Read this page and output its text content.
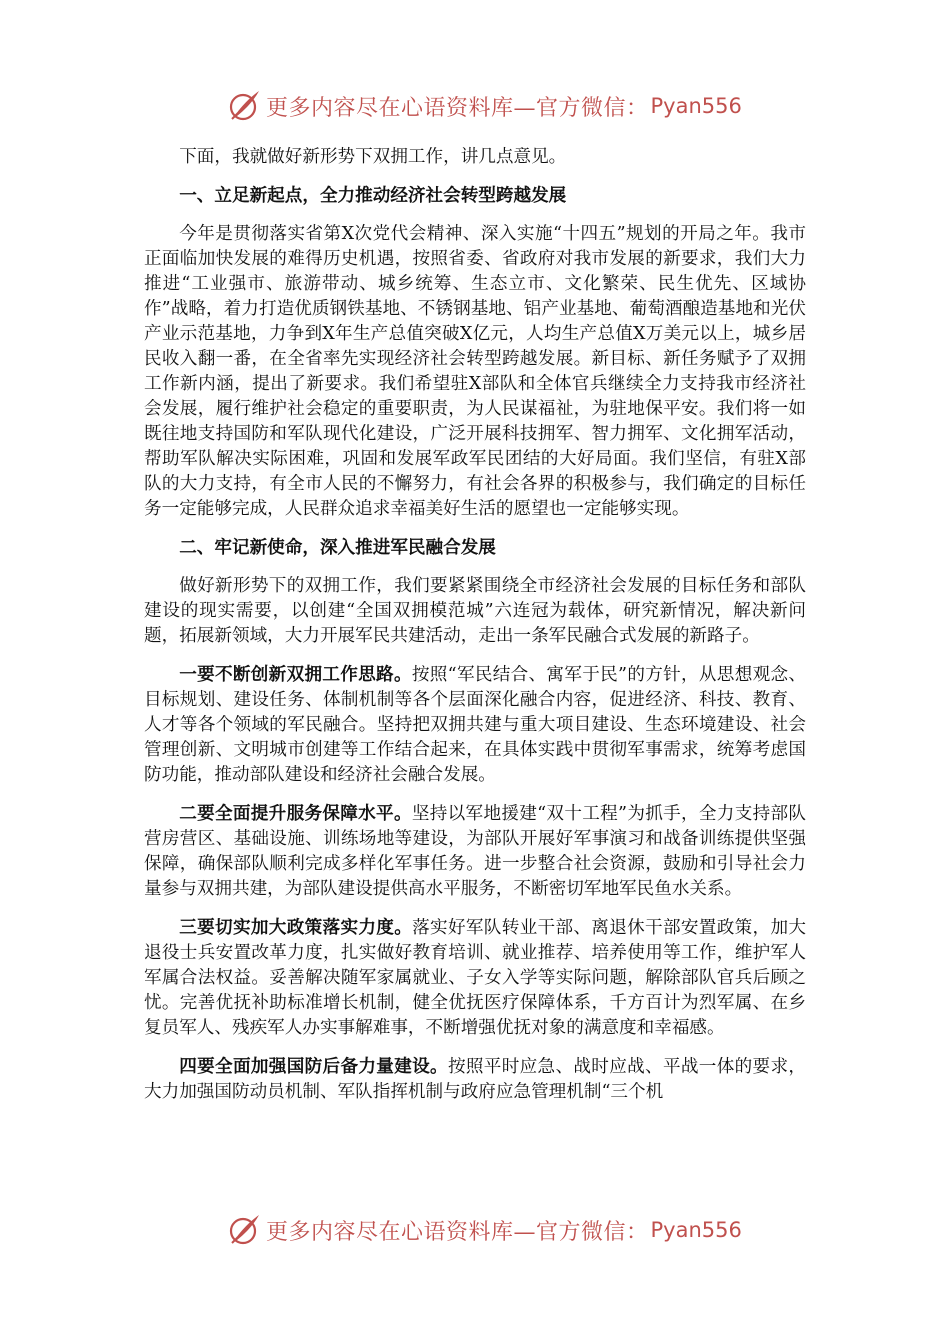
更多内容尽在心语资料库—官方微信： Pyan556

下面，我就做好新形势下双拥工作，讲几点意见。

一、立足新起点，全力推动经济社会转型跨越发展

今年是贯彻落实省第X次党代会精神、深入实施“十四五”规划的开局之年。我市正面临加快发展的难得历史机遇，按照省委、省政府对我市发展的新要求，我们大力推进“工业强市、旅游带动、城乡统筹、生态立市、文化繁荣、民生优先、区域协作”战略，着力打造优质钢铁基地、不锈钢基地、铝产业基地、葡萄酒酿造基地和光伏产业示范基地，力争到X年生产总值突破X亿元，人均生产总值X万美元以上，城乡居民收入翻一番，在全省率先实现经济社会转型跨越发展。新目标、新任务赋予了双拥工作新内涵，提出了新要求。我们希望驻X部队和全体官兵继续全力支持我市经济社会发展，履行维护社会稳定的重要职责，为人民谋福祉，为驻地保平安。我们将一如既往地支持国防和军队现代化建设，广泛开展科技拥军、智力拥军、文化拥军活动，帮助军队解决实际困难，巩固和发展军政军民团结的大好局面。我们坚信，有驻X部队的大力支持，有全市人民的不懈努力，有社会各界的积极参与，我们确定的目标任务一定能够完成，人民群众追求幸福美好生活的愿望也一定能够实现。

二、牢记新使命，深入推进军民融合发展

做好新形势下的双拥工作，我们要紧紧围绕全市经济社会发展的目标任务和部队建设的现实需要，以创建“全国双拥模范城”六连冠为载体，研究新情况，解决新问题，拓展新领域，大力开展军民共建活动，走出一条军民融合式发展的新路子。

一要不断创新双拥工作思路。按照“军民结合、寓军于民”的方针，从思想观念、目标规划、建设任务、体制机制等各个层面深化融合内容，促进经济、科技、教育、人才等各个领域的军民融合。坚持把双拥共建与重大项目建设、生态环境建设、社会管理创新、文明城市创建等工作结合起来，在具体实践中贯彻军事需求，统筹考虑国防功能，推动部队建设和经济社会融合发展。

二要全面提升服务保障水平。坚持以军地援建“双十工程”为抓手，全力支持部队营房营区、基础设施、训练场地等建设，为部队开展好军事演习和战备训练提供坚强保障，确保部队顺利完成多样化军事任务。进一步整合社会资源，鼓励和引导社会力量参与双拥共建，为部队建设提供高水平服务，不断密切军地军民鱼水关系。

三要切实加大政策落实力度。落实好军队转业干部、离退休干部安置政策，加大退役士兵安置改革力度，扎实做好教育培训、就业推荐、培养使用等工作，维护军人军属合法权益。妥善解决随军家属就业、子女入学等实际问题，解除部队官兵后顾之忧。完善优抚补助标准增长机制，健全优抚医疗保障体系，千方百计为烈军属、在乡复员军人、残疾军人办实事解难事，不断增强优抚对象的满意度和幸福感。

四要全面加强国防后备力量建设。按照平时应急、战时应战、平战一体的要求，大力加强国防动员机制、军队指挥机制与政府应急管理机制“三个机

更多内容尽在心语资料库—官方微信： Pyan556
